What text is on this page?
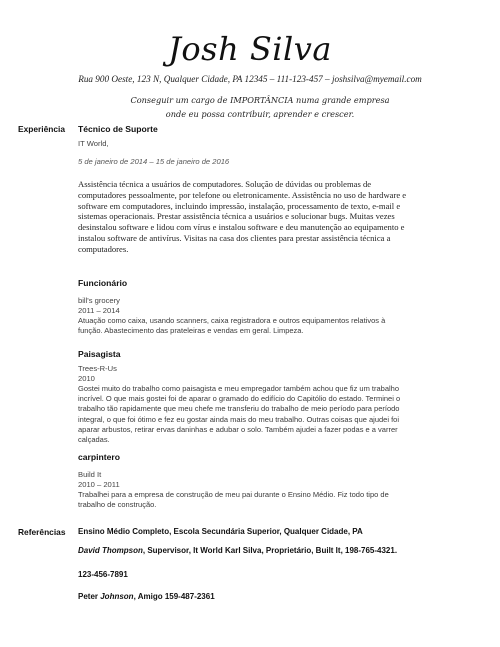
Josh Silva
Rua 900 Oeste, 123 N, Qualquer Cidade, PA 12345 – 111-123-457 – joshsilva@myemail.com
Conseguir um cargo de IMPORTÂNCIA numa grande empresa
onde eu possa contribuir, aprender e crescer.
Experiência Técnico de Suporte
IT World,
5 de janeiro de 2014 – 15 de janeiro de 2016
Assistência técnica a usuários de computadores. Solução de dúvidas ou problemas de computadores pessoalmente, por telefone ou eletronicamente. Assistência no uso de hardware e software em computadores, incluindo impressão, instalação, processamento de texto, e-mail e sistemas operacionais. Prestar assistência técnica a usuários e solucionar bugs. Muitas vezes desinstalou software e lidou com vírus e instalou software e deu manutenção ao equipamento e instalou software de antivírus. Visitas na casa dos clientes para prestar assistência técnica a computadores.
Funcionário
bill's grocery
2011 – 2014
Atuação como caixa, usando scanners, caixa registradora e outros equipamentos relativos à função. Abastecimento das prateleiras e vendas em geral. Limpeza.
Paisagista
Trees-R-Us
2010
Gostei muito do trabalho como paisagista e meu empregador também achou que fiz um trabalho incrível. O que mais gostei foi de aparar o gramado do edifício do Capitólio do estado. Terminei o trabalho tão rapidamente que meu chefe me transferiu do trabalho de meio período para período integral, o que foi ótimo e fez eu gostar ainda mais do meu trabalho. Outras coisas que ajudei foi aparar arbustos, retirar ervas daninhas e adubar o solo. Também ajudei a fazer podas e a varrer calçadas.
carpintero
Build It
2010 – 2011
Trabalhei para a empresa de construção de meu pai durante o Ensino Médio. Fiz todo tipo de trabalho de construção.
Referências Ensino Médio Completo, Escola Secundária Superior, Qualquer Cidade, PA
David Thompson, Supervisor, It World Karl Silva, Proprietário, Built It, 198-765-4321.
123-456-7891
Peter Johnson, Amigo 159-487-2361
